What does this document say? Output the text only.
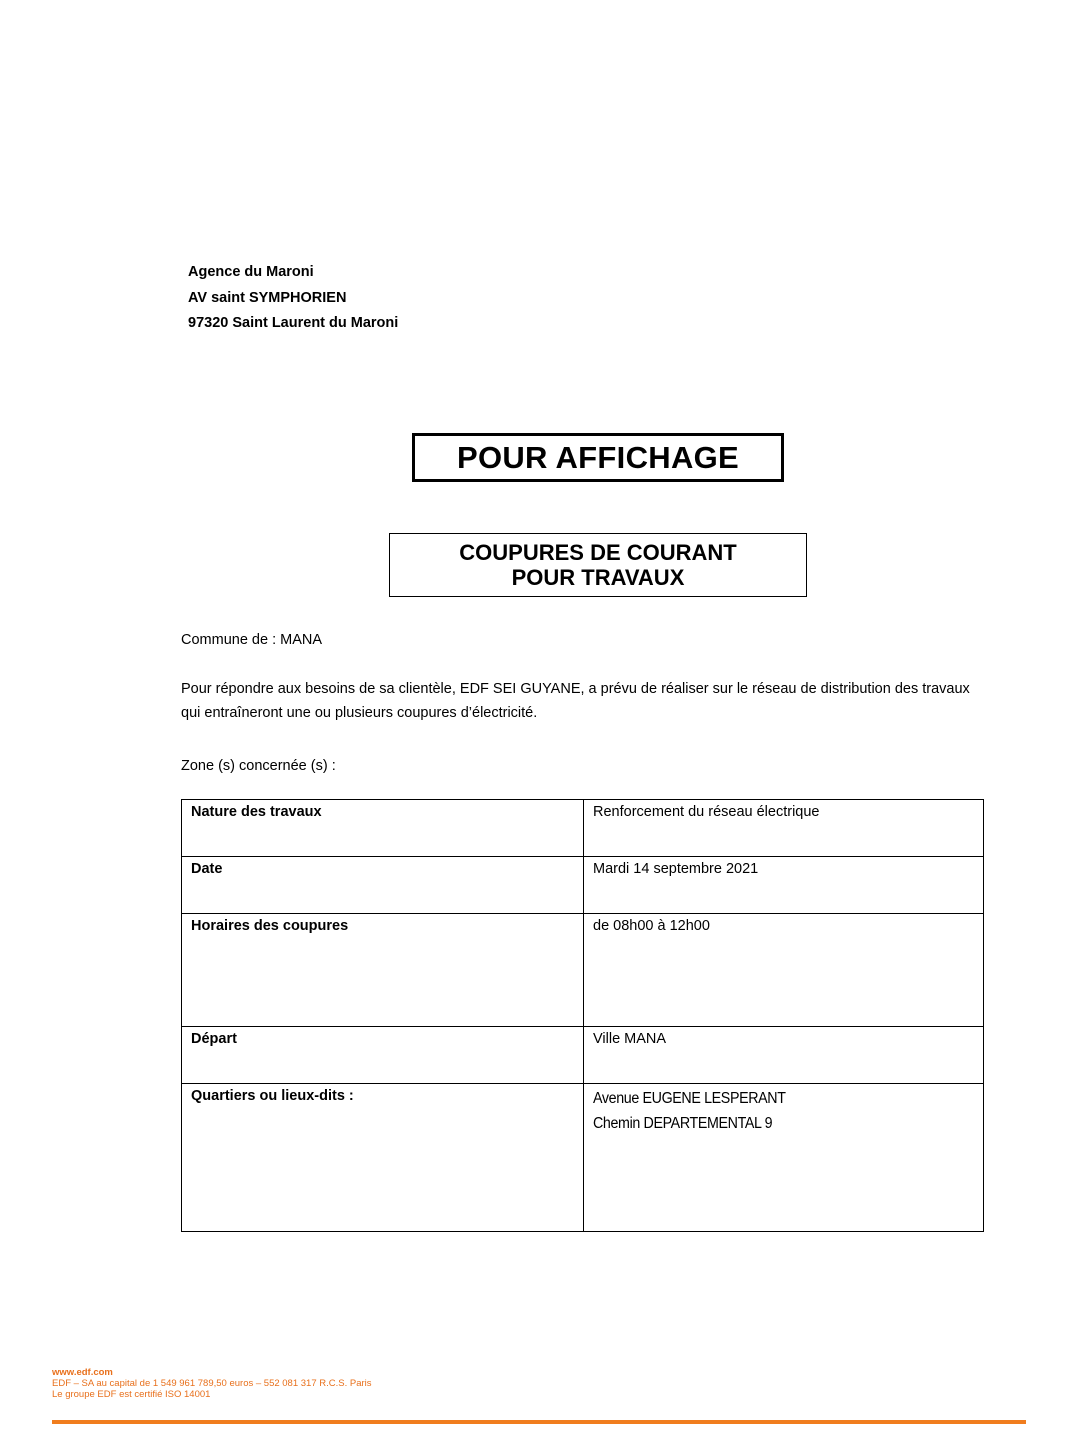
Agence du Maroni
AV saint SYMPHORIEN
97320 Saint Laurent du Maroni
POUR AFFICHAGE
COUPURES DE COURANT
POUR TRAVAUX
Commune de : MANA
Pour répondre aux besoins de sa clientèle, EDF SEI GUYANE, a prévu de réaliser sur le réseau de distribution des travaux qui entraîneront une ou plusieurs coupures d’électricité.
Zone (s) concernée (s) :
Nature des travaux	Renforcement du réseau électrique
Date	Mardi 14 septembre 2021
Horaires des coupures	de 08h00 à 12h00
Départ	Ville MANA
Quartiers ou lieux-dits :	Avenue EUGENE LESPERANT
Chemin DEPARTEMENTAL 9
www.edf.com
EDF – SA au capital de 1 549 961 789,50 euros – 552 081 317 R.C.S. Paris
Le groupe EDF est certifié ISO 14001
